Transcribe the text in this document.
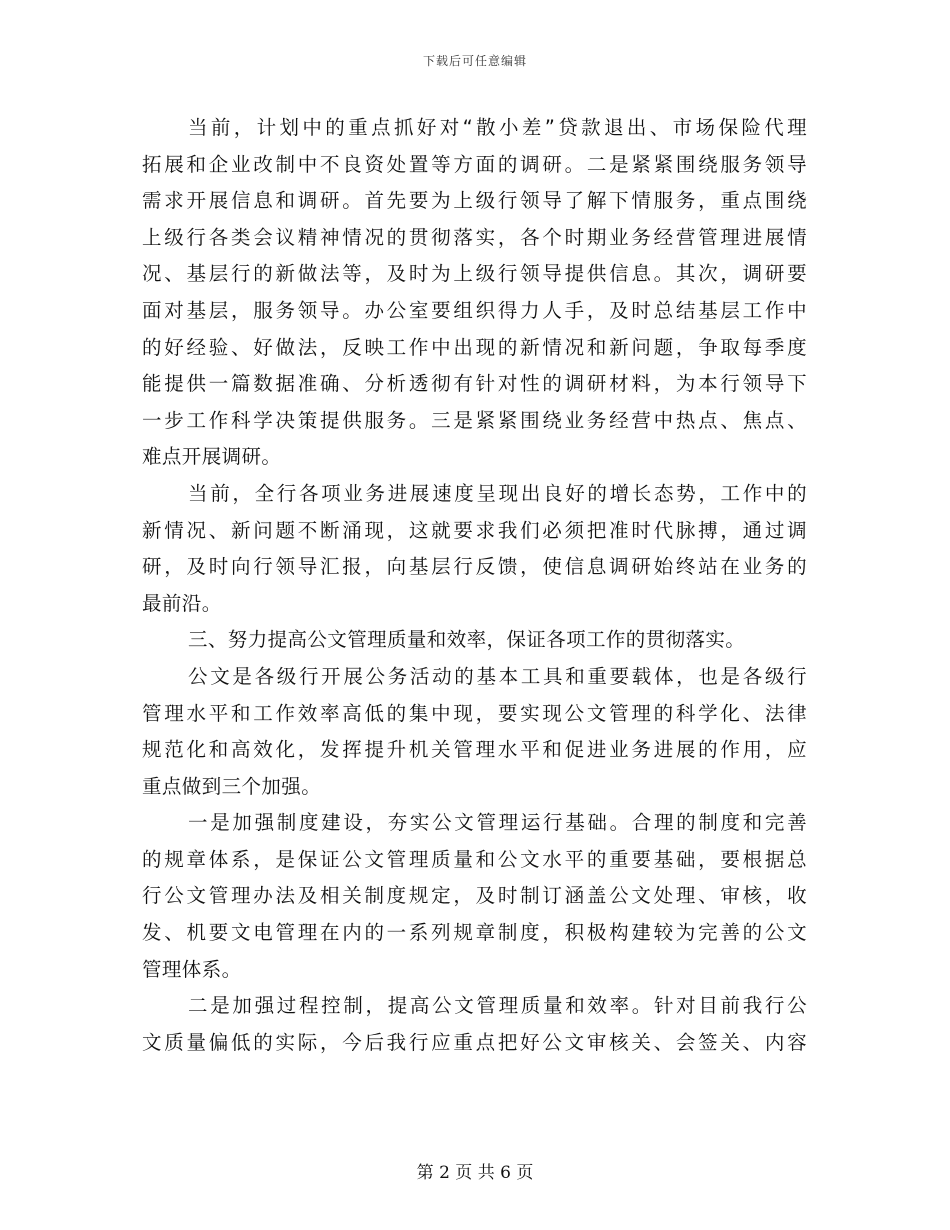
下载后可任意编辑
当前，计划中的重点抓好对“散小差”贷款退出、市场保险代理
拓展和企业改制中不良资处置等方面的调研。二是紧紧围绕服务领导
需求开展信息和调研。首先要为上级行领导了解下情服务，重点围绕
上级行各类会议精神情况的贯彻落实，各个时期业务经营管理进展情
况、基层行的新做法等，及时为上级行领导提供信息。其次，调研要
面对基层，服务领导。办公室要组织得力人手，及时总结基层工作中
的好经验、好做法，反映工作中出现的新情况和新问题，争取每季度
能提供一篇数据准确、分析透彻有针对性的调研材料，为本行领导下
一步工作科学决策提供服务。三是紧紧围绕业务经营中热点、焦点、
难点开展调研。
当前，全行各项业务进展速度呈现出良好的增长态势，工作中的
新情况、新问题不断涌现，这就要求我们必须把准时代脉搏，通过调
研，及时向行领导汇报，向基层行反馈，使信息调研始终站在业务的
最前沿。
三、努力提高公文管理质量和效率，保证各项工作的贯彻落实。
公文是各级行开展公务活动的基本工具和重要载体，也是各级行
管理水平和工作效率高低的集中现，要实现公文管理的科学化、法律
规范化和高效化，发挥提升机关管理水平和促进业务进展的作用，应
重点做到三个加强。
一是加强制度建设，夯实公文管理运行基础。合理的制度和完善
的规章体系，是保证公文管理质量和公文水平的重要基础，要根据总
行公文管理办法及相关制度规定，及时制订涵盖公文处理、审核，收
发、机要文电管理在内的一系列规章制度，积极构建较为完善的公文
管理体系。
二是加强过程控制，提高公文管理质量和效率。针对目前我行公
文质量偏低的实际，今后我行应重点把好公文审核关、会签关、内容
第 2 页 共 6 页
